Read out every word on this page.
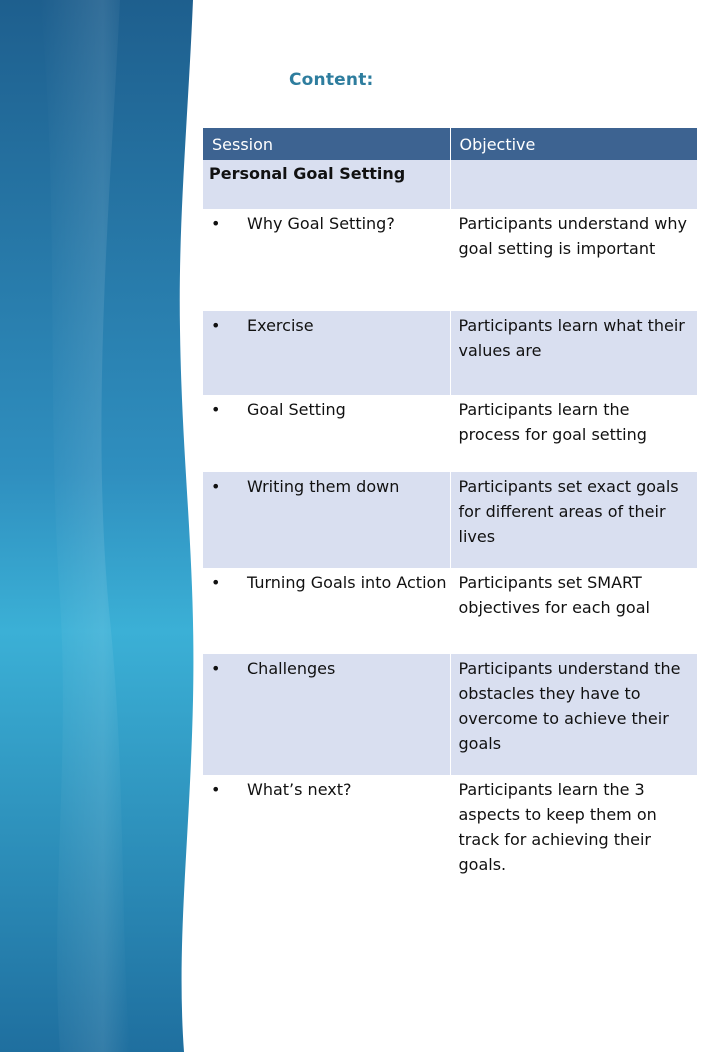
Content:
Session	Objective
Personal Goal Setting	

• Why Goal Setting?	Participants understand why goal setting is important

• Exercise	Participants learn what their values are

• Goal Setting	Participants learn the process for goal setting

• Writing them down	Participants set exact goals for different areas of their lives

• Turning Goals into Action	Participants set SMART objectives for each goal

• Challenges	Participants understand the obstacles they have to overcome to achieve their goals

• What’s next?	Participants learn the 3 aspects to keep them on track for achieving their goals.
